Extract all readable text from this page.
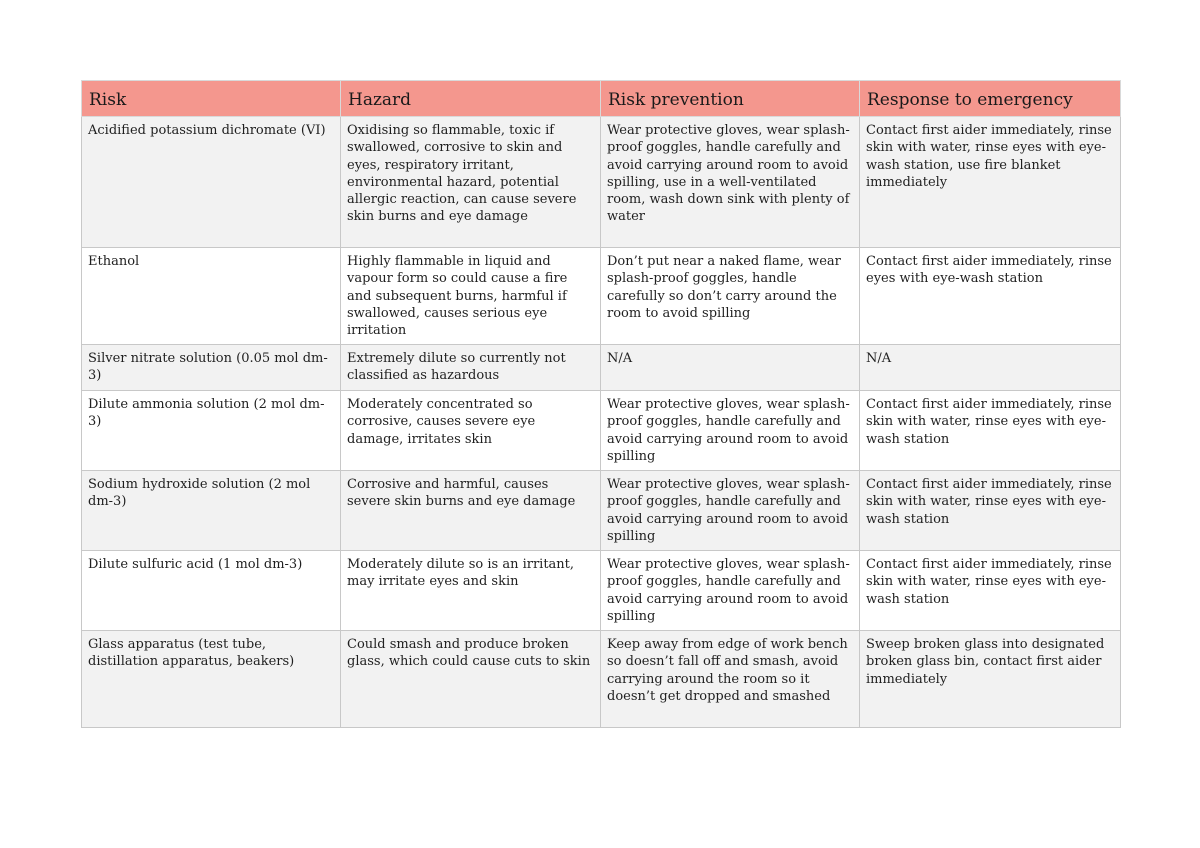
Risk	Hazard	Risk prevention	Response to emergency
Acidified potassium dichromate (VI)	Oxidising so flammable, toxic if swallowed, corrosive to skin and eyes, respiratory irritant, environmental hazard, potential allergic reaction, can cause severe skin burns and eye damage	Wear protective gloves, wear splash-proof goggles, handle carefully and avoid carrying around room to avoid spilling, use in a well-ventilated room, wash down sink with plenty of water	Contact first aider immediately, rinse skin with water, rinse eyes with eye-wash station, use fire blanket immediately
Ethanol	Highly flammable in liquid and vapour form so could cause a fire and subsequent burns, harmful if swallowed, causes serious eye irritation	Don’t put near a naked flame, wear splash-proof goggles, handle carefully so don’t carry around the room to avoid spilling	Contact first aider immediately, rinse eyes with eye-wash station
Silver nitrate solution (0.05 mol dm-3)	Extremely dilute so currently not classified as hazardous	N/A	N/A
Dilute ammonia solution (2 mol dm-3)	Moderately concentrated so corrosive, causes severe eye damage, irritates skin	Wear protective gloves, wear splash-proof goggles, handle carefully and avoid carrying around room to avoid spilling	Contact first aider immediately, rinse skin with water, rinse eyes with eye-wash station
Sodium hydroxide solution (2 mol dm-3)	Corrosive and harmful, causes severe skin burns and eye damage	Wear protective gloves, wear splash-proof goggles, handle carefully and avoid carrying around room to avoid spilling	Contact first aider immediately, rinse skin with water, rinse eyes with eye-wash station
Dilute sulfuric acid (1 mol dm-3)	Moderately dilute so is an irritant, may irritate eyes and skin	Wear protective gloves, wear splash-proof goggles, handle carefully and avoid carrying around room to avoid spilling	Contact first aider immediately, rinse skin with water, rinse eyes with eye-wash station
Glass apparatus (test tube, distillation apparatus, beakers)	Could smash and produce broken glass, which could cause cuts to skin	Keep away from edge of work bench so doesn’t fall off and smash, avoid carrying around the room so it doesn’t get dropped and smashed	Sweep broken glass into designated broken glass bin, contact first aider immediately
